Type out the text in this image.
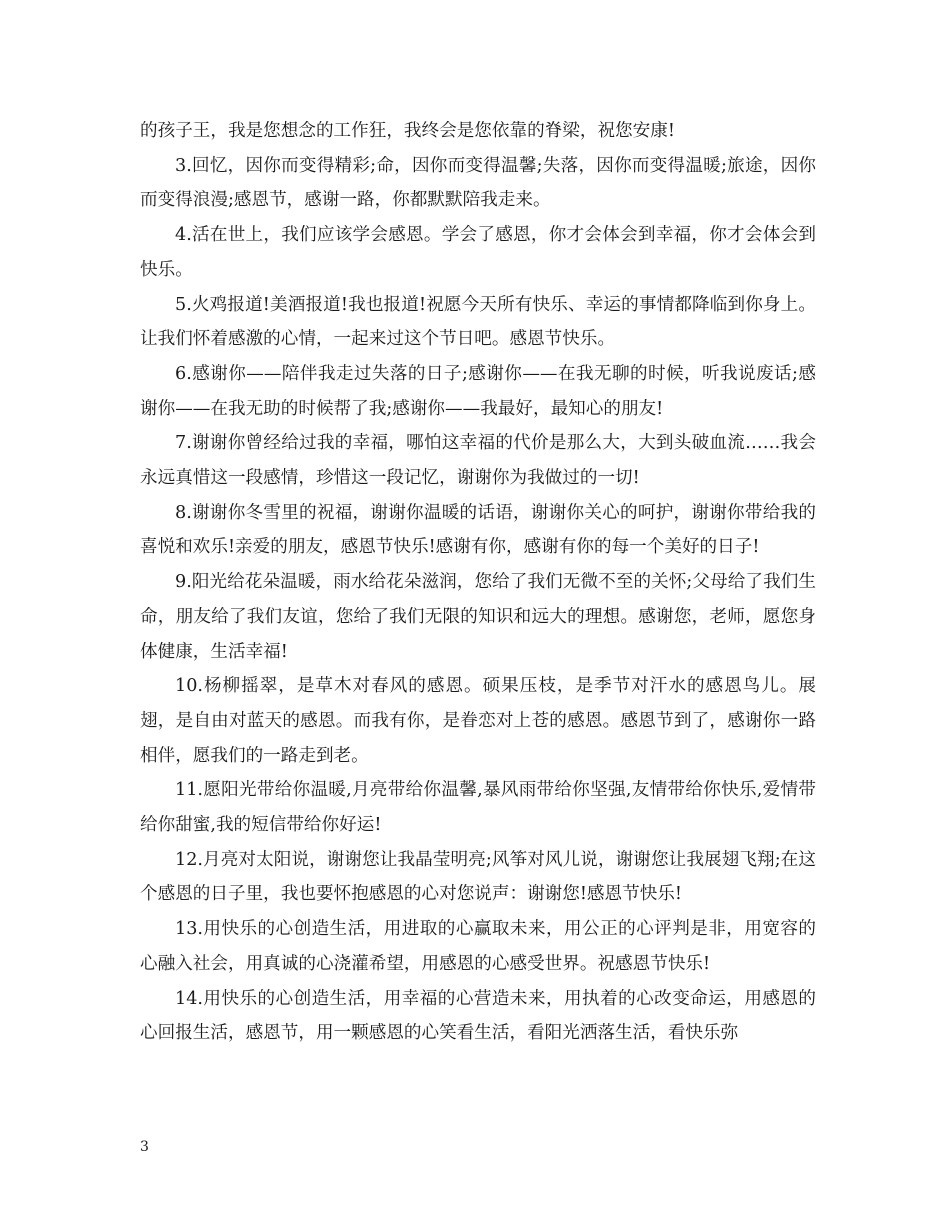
的孩子王，我是您想念的工作狂，我终会是您依靠的脊梁，祝您安康!

3.回忆，因你而变得精彩;命，因你而变得温馨;失落，因你而变得温暖;旅途，因你而变得浪漫;感恩节，感谢一路，你都默默陪我走来。

4.活在世上，我们应该学会感恩。学会了感恩，你才会体会到幸福，你才会体会到快乐。

5.火鸡报道!美酒报道!我也报道!祝愿今天所有快乐、幸运的事情都降临到你身上。让我们怀着感激的心情，一起来过这个节日吧。感恩节快乐。

6.感谢你——陪伴我走过失落的日子;感谢你——在我无聊的时候，听我说废话;感谢你——在我无助的时候帮了我;感谢你——我最好，最知心的朋友!

7.谢谢你曾经给过我的幸福，哪怕这幸福的代价是那么大，大到头破血流……我会永远真惜这一段感情，珍惜这一段记忆，谢谢你为我做过的一切!

8.谢谢你冬雪里的祝福，谢谢你温暖的话语，谢谢你关心的呵护，谢谢你带给我的喜悦和欢乐!亲爱的朋友，感恩节快乐!感谢有你，感谢有你的每一个美好的日子!

9.阳光给花朵温暖，雨水给花朵滋润，您给了我们无微不至的关怀;父母给了我们生命，朋友给了我们友谊，您给了我们无限的知识和远大的理想。感谢您，老师，愿您身体健康，生活幸福!

10.杨柳摇翠，是草木对春风的感恩。硕果压枝，是季节对汗水的感恩鸟儿。展翅，是自由对蓝天的感恩。而我有你，是眷恋对上苍的感恩。感恩节到了，感谢你一路相伴，愿我们的一路走到老。

11.愿阳光带给你温暖,月亮带给你温馨,暴风雨带给你坚强,友情带给你快乐,爱情带给你甜蜜,我的短信带给你好运!

12.月亮对太阳说，谢谢您让我晶莹明亮;风筝对风儿说，谢谢您让我展翅飞翔;在这个感恩的日子里，我也要怀抱感恩的心对您说声：谢谢您!感恩节快乐!

13.用快乐的心创造生活，用进取的心赢取未来，用公正的心评判是非，用宽容的心融入社会，用真诚的心浇灌希望，用感恩的心感受世界。祝感恩节快乐!

14.用快乐的心创造生活，用幸福的心营造未来，用执着的心改变命运，用感恩的心回报生活，感恩节，用一颗感恩的心笑看生活，看阳光洒落生活，看快乐弥

3
